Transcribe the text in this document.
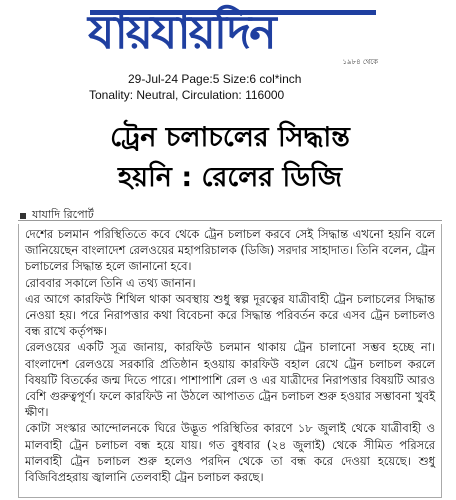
যায়যায়দিন
১৯৮৪ থেকে
29-Jul-24 Page:5 Size:6 col*inch
Tonality: Neutral, Circulation: 116000
ট্রেন চলাচলের সিদ্ধান্ত
হয়নি : রেলের ডিজি
যাযাদি রিপোর্ট

দেশের চলমান পরিস্থিতিতে কবে থেকে ট্রেন চলাচল করবে সেই সিদ্ধান্ত এখনো হয়নি বলে জানিয়েছেন বাংলাদেশ রেলওয়ের মহাপরিচালক (ডিজি) সরদার সাহাদাত। তিনি বলেন, ট্রেন চলাচলের সিদ্ধান্ত হলে জানানো হবে।

রোববার সকালে তিনি এ তথ্য জানান।

এর আগে কারফিউ শিথিল থাকা অবস্থায় শুধু স্বল্প দূরত্বের যাত্রীবাহী ট্রেন চলাচলের সিদ্ধান্ত নেওয়া হয়। পরে নিরাপত্তার কথা বিবেচনা করে সিদ্ধান্ত পরিবর্তন করে এসব ট্রেন চলাচলও বন্ধ রাখে কর্তৃপক্ষ।

রেলওয়ের একটি সূত্র জানায়, কারফিউ চলমান থাকায় ট্রেন চালানো সম্ভব হচ্ছে না। বাংলাদেশ রেলওয়ে সরকারি প্রতিষ্ঠান হওয়ায় কারফিউ বহাল রেখে ট্রেন চলাচল করলে বিষয়টি বিতর্কের জন্ম দিতে পারে। পাশাপাশি রেল ও এর যাত্রীদের নিরাপত্তার বিষয়টি আরও বেশি গুরুত্বপূর্ণ। ফলে কারফিউ না উঠলে আপাতত ট্রেন চলাচল শুরু হওয়ার সম্ভাবনা খুবই ক্ষীণ।

কোটা সংস্কার আন্দোলনকে ঘিরে উদ্ভূত পরিস্থিতির কারণে ১৮ জুলাই থেকে যাত্রীবাহী ও মালবাহী ট্রেন চলাচল বন্ধ হয়ে যায়। গত বুধবার (২৪ জুলাই) থেকে সীমিত পরিসরে মালবাহী ট্রেন চলাচল শুরু হলেও পরদিন থেকে তা বন্ধ করে দেওয়া হয়েছে। শুধু বিজিবিপ্রহরায় জ্বালানি তেলবাহী ট্রেন চলাচল করছে।
